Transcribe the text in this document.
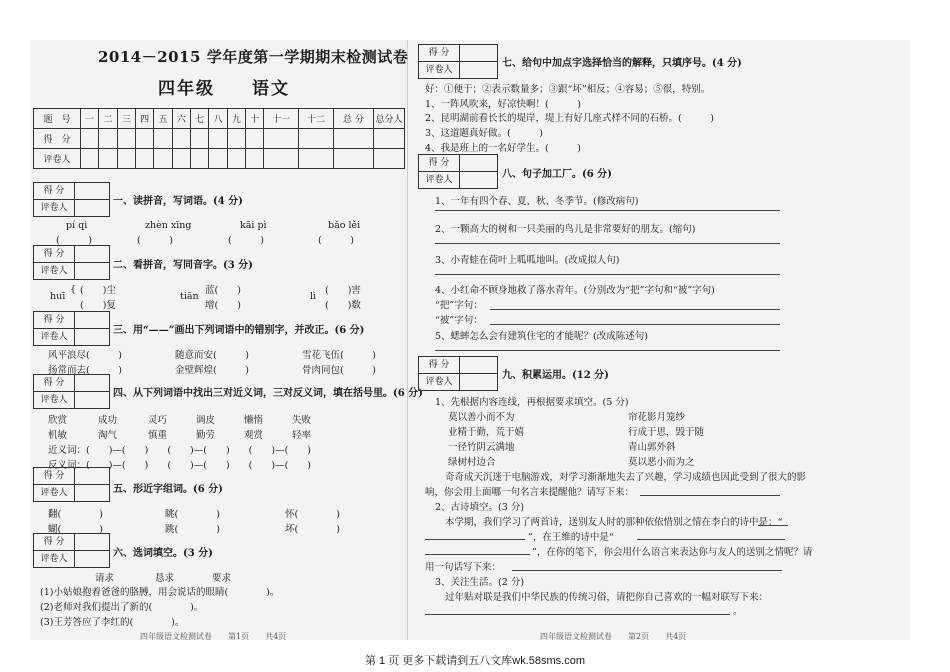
2014－2015 学年度第一学期期末检测试卷
四年级 语文
题　号	一	二	三	四	五	六	七	八	九	十	十一	十二	总 分	总分人
得　分														
评卷人														
得 分
评卷人
一、读拼音，写词语。(4 分)
pí qì	zhèn xīng	kāi pì	bǎo lěi
(　　　)	(　　　)	(　　　)	(　　　)
得 分
评卷人	二、看拼音，写同音字。(3 分)
huī
{ (　　)尘
(　　)复
tiān
蓝(　　)
增(　　)
lì
(　　)害
(　　)数
得 分
评卷人
三、用“——”画出下列词语中的错别字，并改正。(6 分)
风平浪尽(　　　)	随意而安(　　　)	雪花飞伍(　　　)
扬常而去(　　　)	金壁辉煌(　　　)	骨肉同包(　　　)
得 分
评卷人
四、从下列词语中找出三对近义词，三对反义词，填在括号里。(6 分)
欣赏	成功	灵巧	调皮	懒惰	失败
机敏	淘气	慎重	勤劳	观赏	轻率
近义词：(　　)—(　　)　　(　　)—(　　)　　(　　)—(　　)
反义词：(　　)—(　　)　　(　　)—(　　)　　(　　)—(　　)
得 分
评卷人	五、形近字组词。(6 分)
翻(　　　　)	眺(　　　　)	怀(　　　　)
蝴(　　　　)	跳(　　　　)	坏(　　　　)
得 分
评卷人	六、选词填空。(3 分)
请求	恳求	要求
(1)小姑娘抱着爸爸的胳膊，用会说话的眼睛(　　　　)。
(2)老师对我们提出了新的(　　　　)。
(3)王芳答应了李红的(　　　　)。
四年级语文检测试卷　　第1页　　共4页
得 分
评卷人
七、给句中加点字选择恰当的解释，只填序号。(4 分)
好：①便于；②表示数量多；③跟“坏”相反；④容易；⑤很，特别。
1、一阵风吹来，好凉快啊！(　　　)
2、昆明湖前看长长的堤岸，堤上有好几座式样不同的石桥。(　　　)
3、这道题真好做。(　　　)
4、我是班上的一名好学生。(　　　)
得 分
评卷人	八、句子加工厂。(6 分)
1、一年有四个春、夏、秋、冬季节。(修改病句)
2、一颗高大的树和一只美丽的鸟儿是非常要好的朋友。(缩句)
3、小青蛙在荷叶上呱呱地叫。(改成拟人句)
4、小红命不顾身地救了落水青年。(分别改为“把”字句和“被”字句)
“把”字句：
“被”字句：
5、蟋蟀怎么会有建筑住宅的才能呢？(改成陈述句)
得 分
评卷人
九、积累运用。(12 分)
1、先根据内容连线，再根据要求填空。(5 分)
莫以善小而不为
业精于勤，荒于嬉
一径竹阴云满地
绿树村边合
帘花影月笼纱
行成于思，毁于随
青山郭外斜
莫以恶小而为之
奇奇成天沉迷于电脑游戏，对学习渐渐地失去了兴趣，学习成绩也因此受到了很大的影
响，你会用上面哪一句名言来提醒他？请写下来：
2、古诗填空。(3 分)
本学期，我们学习了两首诗，送别友人时的那种依依惜别之情在李白的诗中是：“
”，在王维的诗中是“
”，在你的笔下，你会用什么语言来表达你与友人的送别之情呢？请
用一句话写下来：
3、关注生活。(2 分)
过年贴对联是我们中华民族的传统习俗，请把你自己喜欢的一幅对联写下来：
。
四年级语文检测试卷　　第2页　　共4页
第 1 页 更多下载请到五八文库wk.58sms.com
